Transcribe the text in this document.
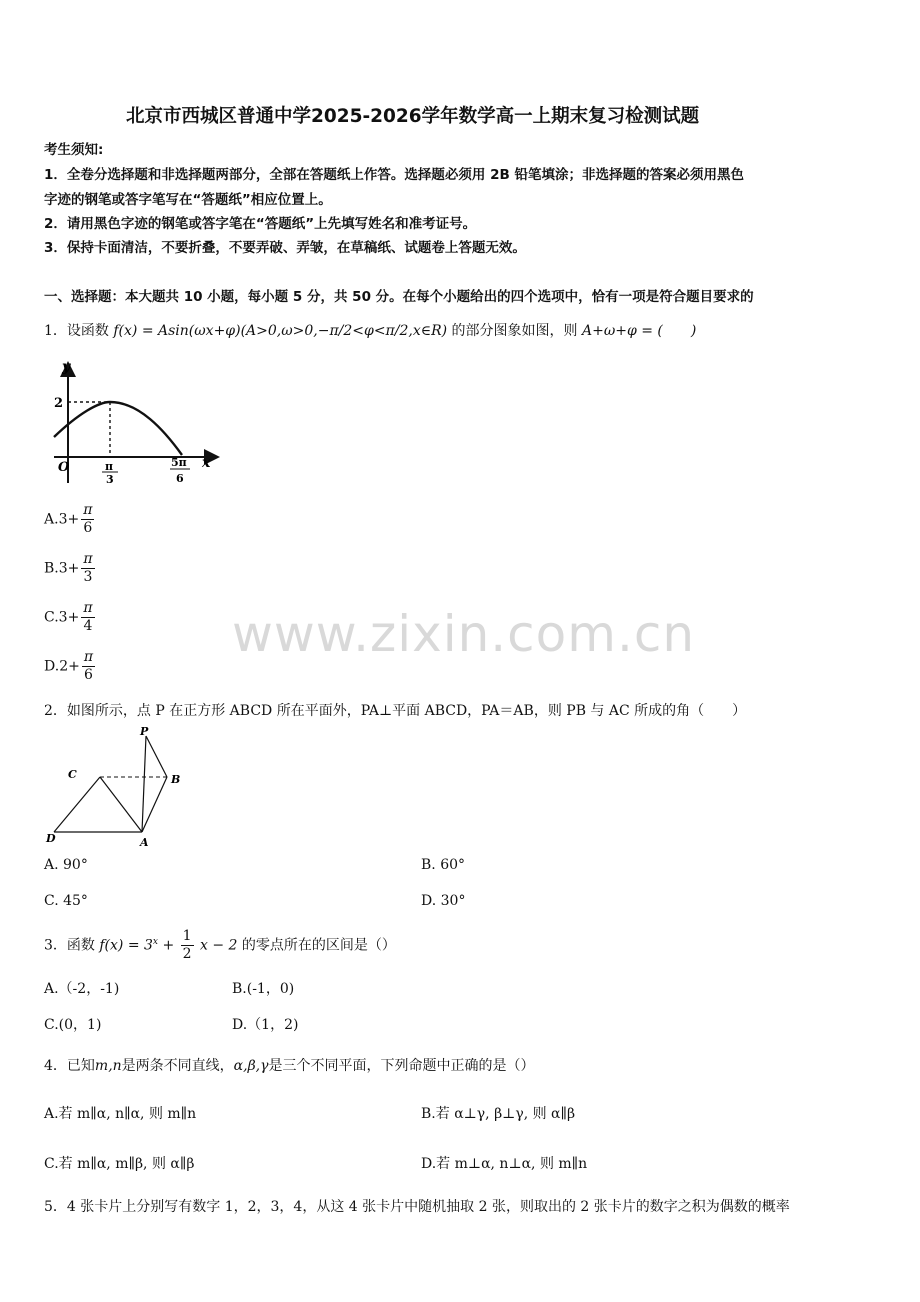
北京市西城区普通中学2025-2026学年数学高一上期末复习检测试题
考生须知:
1．全卷分选择题和非选择题两部分，全部在答题纸上作答。选择题必须用 2B 铅笔填涂；非选择题的答案必须用黑色
字迹的钢笔或答字笔写在“答题纸”相应位置上。
2．请用黑色字迹的钢笔或答字笔在“答题纸”上先填写姓名和准考证号。
3．保持卡面清洁，不要折叠，不要弄破、弄皱，在草稿纸、试题卷上答题无效。
一、选择题：本大题共 10 小题，每小题 5 分，共 50 分。在每个小题给出的四个选项中，恰有一项是符合题目要求的
1．设函数 f(x) = Asin(ωx+φ)(A>0,ω>0,−π/2<φ<π/2,x∈R) 的部分图象如图，则 A+ω+φ = (　　)
y
x
O
2
π
3
5π
6
$A.3+ \frac{\pi}{6}$
$B.3+ \frac{\pi}{3}$
$C.3+ \frac{\pi}{4}$
$D.2+ \frac{\pi}{6}$
www.zixin.com.cn
2．如图所示，点 P 在正方形 ABCD 所在平面外，PA⊥平面 ABCD，PA＝AB，则 PB 与 AC 所成的角（　　）
P
B
C
D	A
A. 90°	B. 60°
C. 45°	D. 30°
3．函数 $f(x) = 3^x + \frac{1}{2}$ x − 2 的零点所在的区间是（）
A.（-2，-1)	B.(-1，0)
C.(0，1)	D.（1，2)
4．已知m,n是两条不同直线，α,β,γ是三个不同平面，下列命题中正确的是（）
A.若 m∥α, n∥α, 则 m∥n	B.若 α⊥γ, β⊥γ, 则 α∥β
C.若 m∥α, m∥β, 则 α∥β	D.若 m⊥α, n⊥α, 则 m∥n
5．4 张卡片上分别写有数字 1，2，3，4，从这 4 张卡片中随机抽取 2 张，则取出的 2 张卡片的数字之积为偶数的概率
